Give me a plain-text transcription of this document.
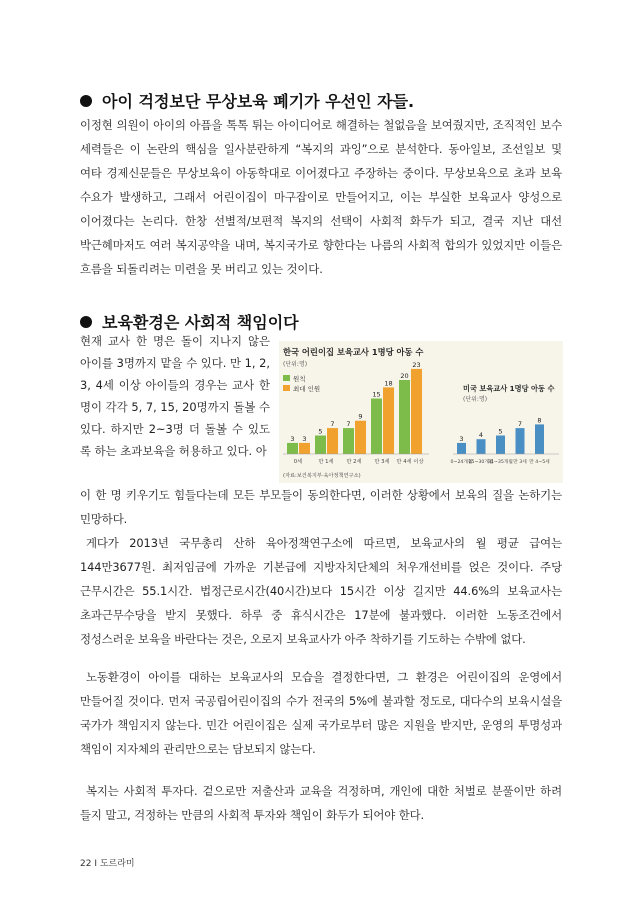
아이 걱정보단 무상보육 폐기가 우선인 자들.

이정현 의원이 아이의 아픔을 톡톡 튀는 아이디어로 해결하는 철없음을 보여줬지만, 조직적인 보수 세력들은 이 논란의 핵심을 일사분란하게 “복지의 과잉”으로 분석한다. 동아일보, 조선일보 및 여타 경제신문들은 무상보육이 아동학대로 이어졌다고 주장하는 중이다. 무상보육으로 초과 보육 수요가 발생하고, 그래서 어린이집이 마구잡이로 만들어지고, 이는 부실한 보육교사 양성으로 이어졌다는 논리다. 한창 선별적/보편적 복지의 선택이 사회적 화두가 되고, 결국 지난 대선 박근혜마저도 여러 복지공약을 내며, 복지국가로 향한다는 나름의 사회적 합의가 있었지만 이들은 흐름을 되돌리려는 미련을 못 버리고 있는 것이다.

보육환경은 사회적 책임이다
현재 교사 한 명은 돌이 지나지 않은 아이를 3명까지 맡을 수 있다. 만 1, 2, 3, 4세 이상 아이들의 경우는 교사 한 명이 각각 5, 7, 15, 20명까지 돌볼 수 있다. 하지만 2~3명 더 돌볼 수 있도록 하는 초과보육을 허용하고 있다. 아
한국 어린이집 보육교사 1명당 아동 수
(단위:명)
원칙
최대 인원
3 3
0세
5
7
만 1세
7
9
만 2세
15
18
만 3세
20
23
만 4세 이상
미국 보육교사 1명당 아동 수
(단위:명)
3
0~24개월
4
25~30개월
5
31~35개월
7
만 3세
8
만 4~5세
(자료:보건복지부·육아정책연구소)

이 한 명 키우기도 힘들다는데 모든 부모들이 동의한다면, 이러한 상황에서 보육의 질을 논하기는 민망하다.

게다가 2013년 국무총리 산하 육아정책연구소에 따르면, 보육교사의 월 평균 급여는 144만3677원. 최저임금에 가까운 기본급에 지방자치단체의 처우개선비를 얹은 것이다. 주당 근무시간은 55.1시간. 법정근로시간(40시간)보다 15시간 이상 길지만 44.6%의 보육교사는 초과근무수당을 받지 못했다. 하루 중 휴식시간은 17분에 불과했다. 이러한 노동조건에서 정성스러운 보육을 바란다는 것은, 오로지 보육교사가 아주 착하기를 기도하는 수밖에 없다.

노동환경이 아이를 대하는 보육교사의 모습을 결정한다면, 그 환경은 어린이집의 운영에서 만들어질 것이다. 먼저 국공립어린이집의 수가 전국의 5%에 불과할 정도로, 대다수의 보육시설을 국가가 책임지지 않는다. 민간 어린이집은 실제 국가로부터 많은 지원을 받지만, 운영의 투명성과 책임이 지자체의 관리만으로는 담보되지 않는다.

복지는 사회적 투자다. 겉으로만 저출산과 교육을 걱정하며, 개인에 대한 처벌로 분풀이만 하려 들지 말고, 걱정하는 만큼의 사회적 투자와 책임이 화두가 되어야 한다.

22 I 도르라미
